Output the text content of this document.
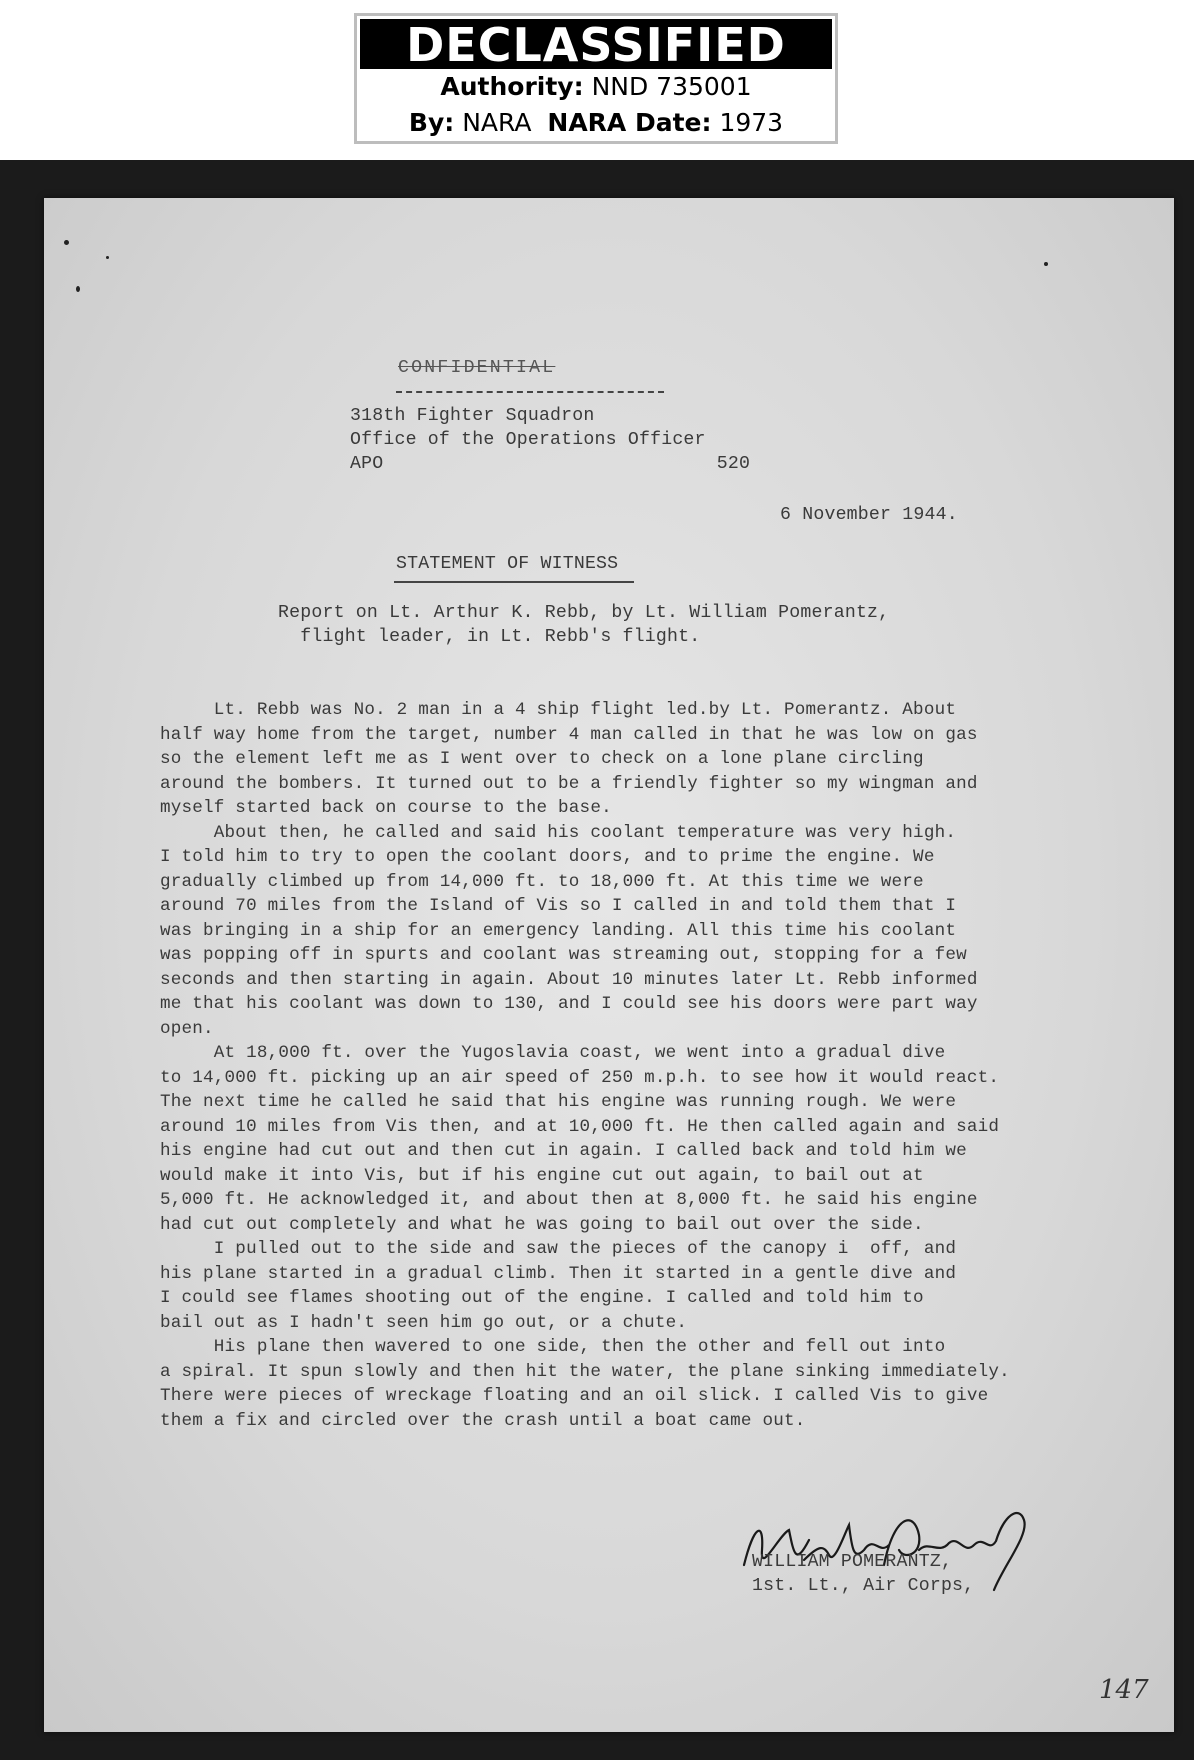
DECLASSIFIED
Authority: NND 735001
By: NARA NARA Date: 1973
CONFIDENTIAL
318th Fighter Squadron
Office of the Operations Officer
APO	520
6 November 1944.
STATEMENT OF WITNESS
Report on Lt. Arthur K. Rebb, by Lt. William Pomerantz,
flight leader, in Lt. Rebb's flight.
Lt. Rebb was No. 2 man in a 4 ship flight led.by Lt. Pomerantz. About
half way home from the target, number 4 man called in that he was low on gas
so the element left me as I went over to check on a lone plane circling
around the bombers. It turned out to be a friendly fighter so my wingman and
myself started back on course to the base.
About then, he called and said his coolant temperature was very high.
I told him to try to open the coolant doors, and to prime the engine. We
gradually climbed up from 14,000 ft. to 18,000 ft. At this time we were
around 70 miles from the Island of Vis so I called in and told them that I
was bringing in a ship for an emergency landing. All this time his coolant
was popping off in spurts and coolant was streaming out, stopping for a few
seconds and then starting in again. About 10 minutes later Lt. Rebb informed
me that his coolant was down to 130, and I could see his doors were part way
open.
At 18,000 ft. over the Yugoslavia coast, we went into a gradual dive
to 14,000 ft. picking up an air speed of 250 m.p.h. to see how it would react.
The next time he called he said that his engine was running rough. We were
around 10 miles from Vis then, and at 10,000 ft. He then called again and said
his engine had cut out and then cut in again. I called back and told him we
would make it into Vis, but if his engine cut out again, to bail out at
5,000 ft. He acknowledged it, and about then at 8,000 ft. he said his engine
had cut out completely and what he was going to bail out over the side.
I pulled out to the side and saw the pieces of the canopy i  off, and
his plane started in a gradual climb. Then it started in a gentle dive and
I could see flames shooting out of the engine. I called and told him to
bail out as I hadn't seen him go out, or a chute.
His plane then wavered to one side, then the other and fell out into
a spiral. It spun slowly and then hit the water, the plane sinking immediately.
There were pieces of wreckage floating and an oil slick. I called Vis to give
them a fix and circled over the crash until a boat came out.
WILLIAM POMERANTZ,
1st. Lt., Air Corps,
147
